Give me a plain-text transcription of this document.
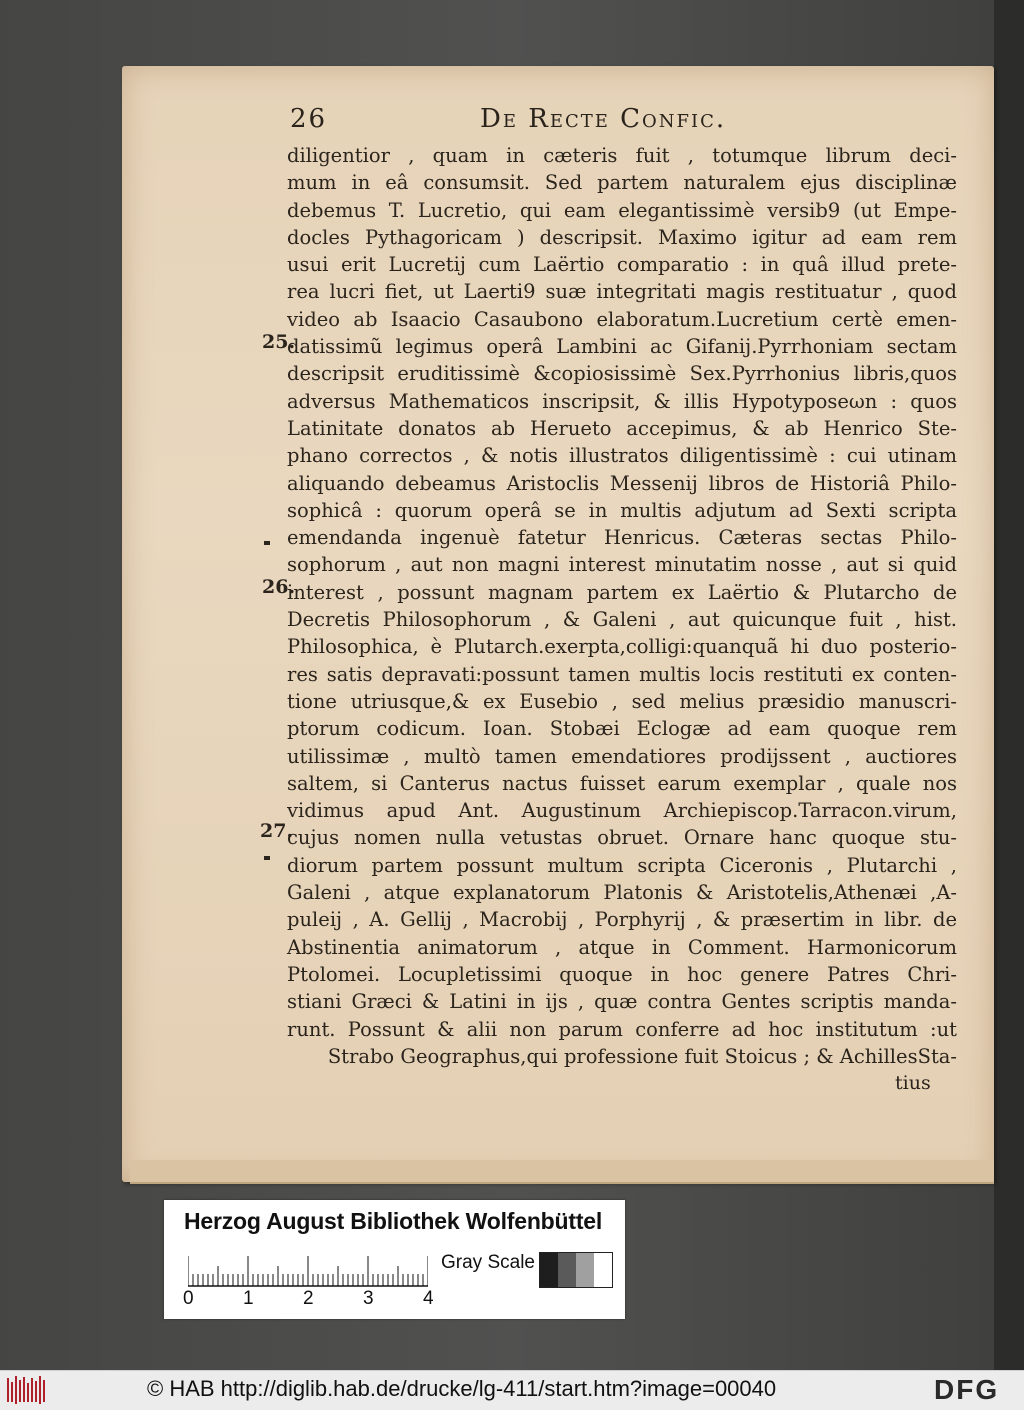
26	De Recte Confic.
diligentior , quam in cæteris fuit , totumque librum deci-
mum in eâ consumsit. Sed partem naturalem ejus disciplinæ
debemus T. Lucretio, qui eam elegantissimè versib9 (ut Empe-
docles Pythagoricam ) descripsit. Maximo igitur ad eam rem
usui erit Lucretij cum Laërtio comparatio : in quâ illud prete-
rea lucri fiet, ut Laerti9 suæ integritati magis restituatur , quod
video ab Isaacio Casaubono elaboratum.Lucretium certè emen-
datissimũ legimus operâ Lambini ac Gifanij.Pyrrhoniam sectam
descripsit eruditissimè &copiosissimè Sex.Pyrrhonius libris,quos
adversus Mathematicos inscripsit, & illis Hypotyposeωn : quos
Latinitate donatos ab Herueto accepimus, & ab Henrico Ste-
phano correctos , & notis illustratos diligentissimè : cui utinam
aliquando debeamus Aristoclis Messenij libros de Historiâ Philo-
sophicâ : quorum operâ se in multis adjutum ad Sexti scripta
emendanda ingenuè fatetur Henricus. Cæteras sectas Philo-
sophorum , aut non magni interest minutatim nosse , aut si quid
interest , possunt magnam partem ex Laërtio & Plutarcho de
Decretis Philosophorum , & Galeni , aut quicunque fuit , hist.
Philosophica, è Plutarch.exerpta,colligi:quanquã hi duo posterio-
res satis depravati:possunt tamen multis locis restituti ex conten-
tione utriusque,& ex Eusebio , sed melius præsidio manuscri-
ptorum codicum. Ioan. Stobæi Eclogæ ad eam quoque rem
utilissimæ , multò tamen emendatiores prodijssent , auctiores
saltem, si Canterus nactus fuisset earum exemplar , quale nos
vidimus apud Ant. Augustinum Archiepiscop.Tarracon.virum,
cujus nomen nulla vetustas obruet. Ornare hanc quoque stu-
diorum partem possunt multum scripta Ciceronis , Plutarchi ,
Galeni , atque explanatorum Platonis & Aristotelis,Athenæi ,A-
puleij , A. Gellij , Macrobij , Porphyrij , & præsertim in libr. de
Abstinentia animatorum , atque in Comment. Harmonicorum
Ptolomei. Locupletissimi quoque in hoc genere Patres Chri-
stiani Græci & Latini in ijs , quæ contra Gentes scriptis manda-
runt. Possunt & alii non parum conferre ad hoc institutum :ut
Strabo Geographus,qui professione fuit Stoicus ; & AchillesSta-
25.
26.
27.
tius
Herzog August Bibliothek Wolfenbüttel
0	1	2	3	4
Gray Scale
© HAB http://diglib.hab.de/drucke/lg-411/start.htm?image=00040	DFG
